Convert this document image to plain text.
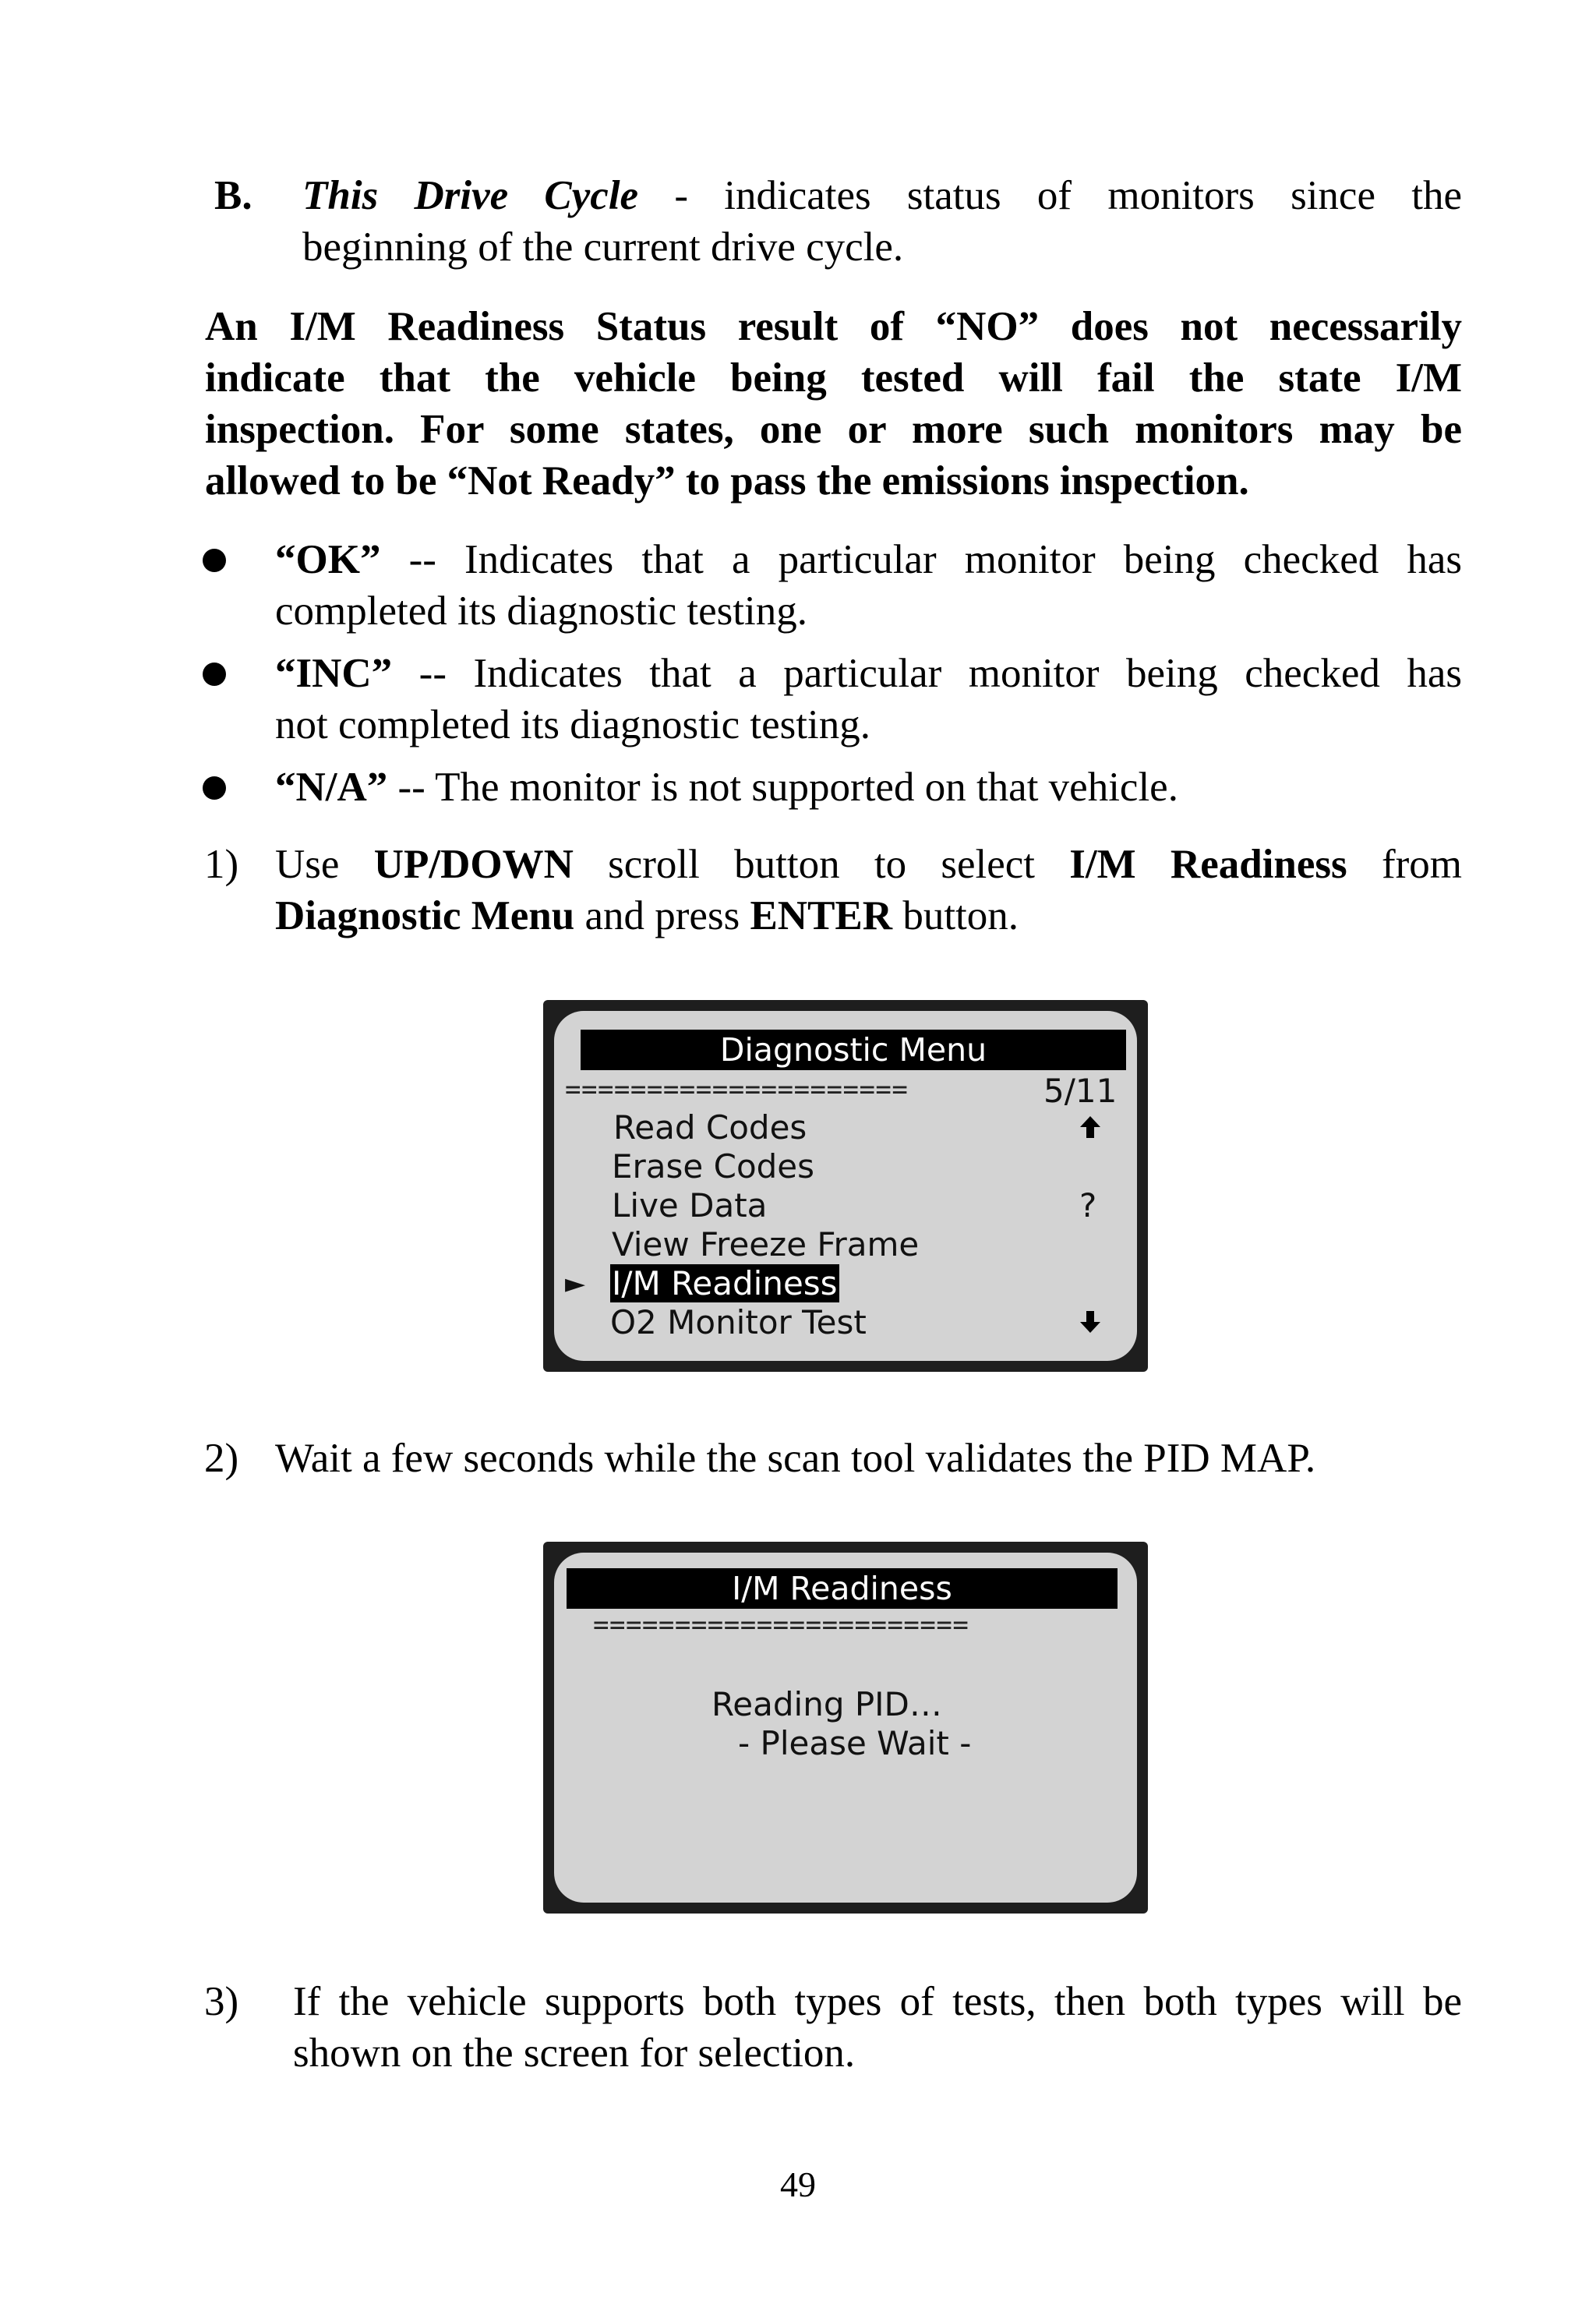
B. This Drive Cycle - indicates status of monitors since the
beginning of the current drive cycle.
An I/M Readiness Status result of “NO” does not necessarily
indicate that the vehicle being tested will fail the state I/M
inspection. For some states, one or more such monitors may be
allowed to be “Not Ready” to pass the emissions inspection.
“OK” -- Indicates that a particular monitor being checked has
completed its diagnostic testing.
“INC” -- Indicates that a particular monitor being checked has
not completed its diagnostic testing.
“N/A” -- The monitor is not supported on that vehicle.
1) Use UP/DOWN scroll button to select I/M Readiness from
Diagnostic Menu and press ENTER button.
Diagnostic Menu
=====================	5/11
Read Codes
Erase Codes
Live Data	?
View Freeze Frame
► I/M Readiness
O2 Monitor Test
2) Wait a few seconds while the scan tool validates the PID MAP.
I/M Readiness
=======================
Reading PID…
- Please Wait -
3) If the vehicle supports both types of tests, then both types will be
shown on the screen for selection.
49
